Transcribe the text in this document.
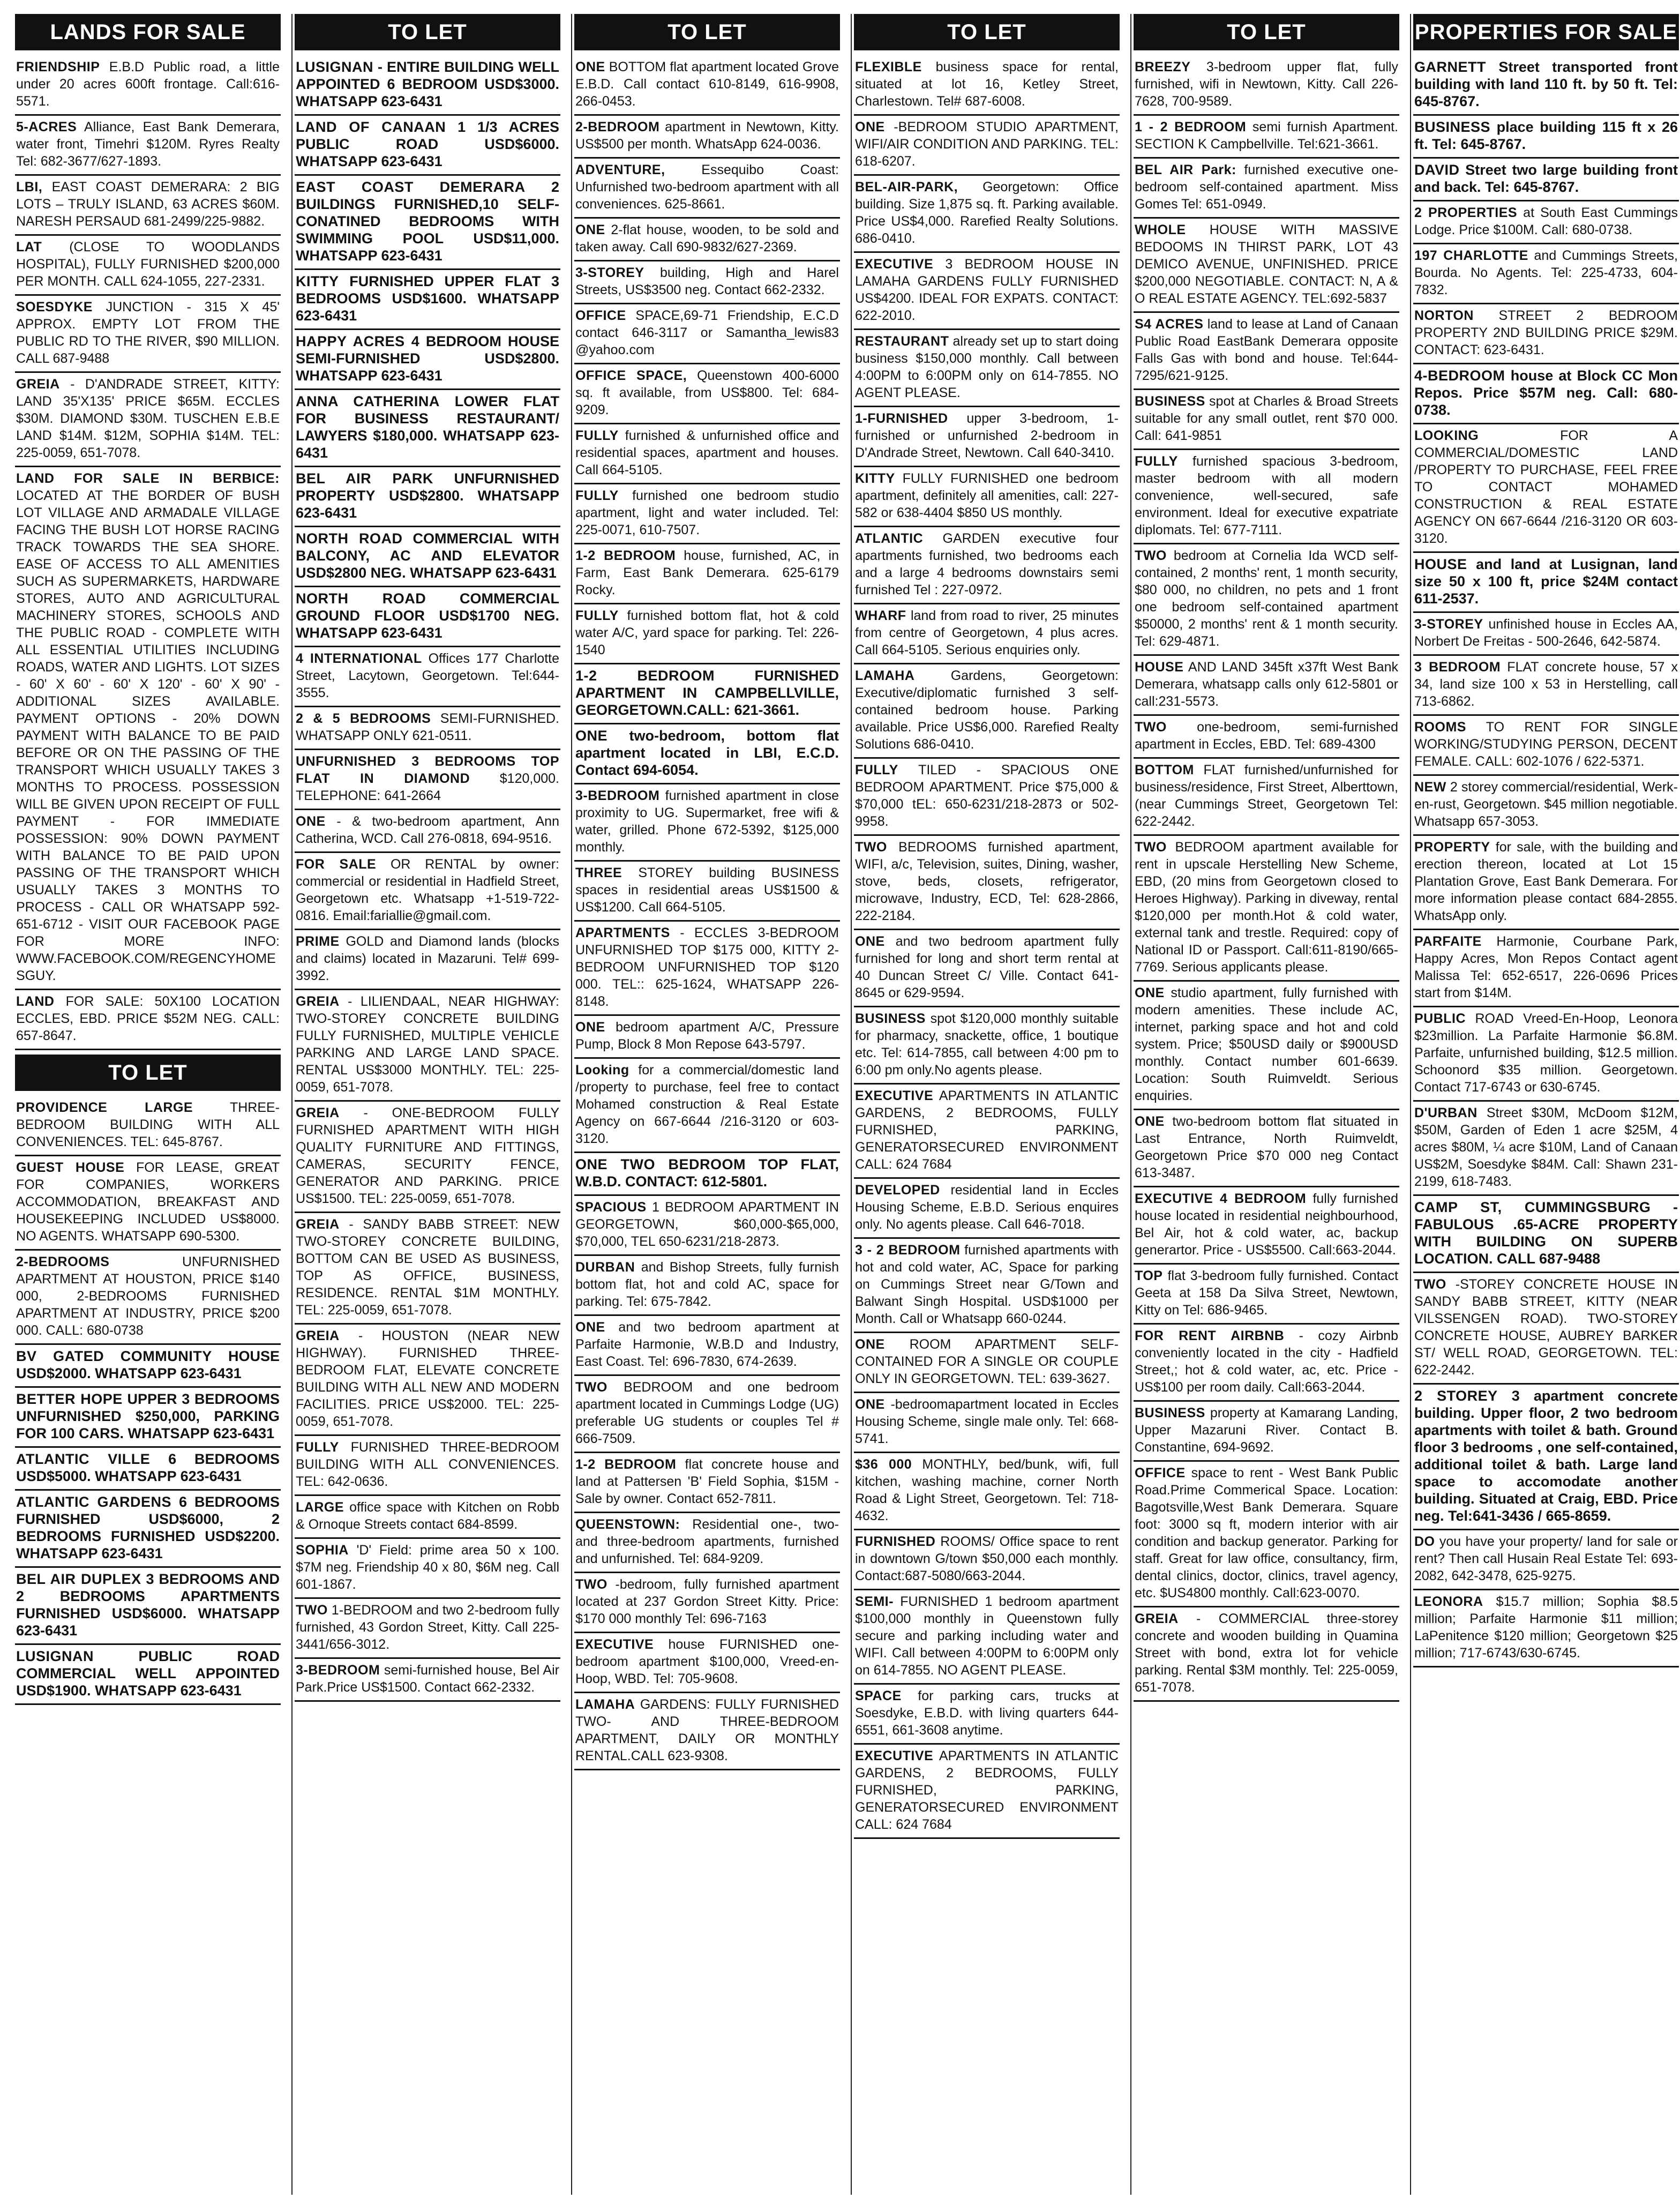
LANDS FOR SALE
FRIENDSHIP E.B.D Public road, a little under 20 acres 600ft frontage. Call:616-5571.
5-ACRES Alliance, East Bank Demerara, water front, Timehri $120M. Ryres Realty Tel: 682-3677/627-1893.
LBI, EAST COAST DEMERARA: 2 BIG LOTS – TRULY ISLAND, 63 ACRES $60M. NARESH PERSAUD 681-2499/225-9882.
LAT (CLOSE TO WOODLANDS HOSPITAL), FULLY FURNISHED $200,000 PER MONTH. CALL 624-1055, 227-2331.
SOESDYKE JUNCTION - 315 X 45' APPROX. EMPTY LOT FROM THE PUBLIC RD TO THE RIVER, $90 MILLION. CALL 687-9488
GREIA - D'ANDRADE STREET, KITTY: LAND 35'X135' PRICE $65M. ECCLES $30M. DIAMOND $30M. TUSCHEN E.B.E LAND $14M. $12M, SOPHIA $14M. TEL: 225-0059, 651-7078.
LAND FOR SALE IN BERBICE: LOCATED AT THE BORDER OF BUSH LOT VILLAGE AND ARMADALE VILLAGE FACING THE BUSH LOT HORSE RACING TRACK TOWARDS THE SEA SHORE. EASE OF ACCESS TO ALL AMENITIES SUCH AS SUPERMARKETS, HARDWARE STORES, AUTO AND AGRICULTURAL MACHINERY STORES, SCHOOLS AND THE PUBLIC ROAD - COMPLETE WITH ALL ESSENTIAL UTILITIES INCLUDING ROADS, WATER AND LIGHTS. LOT SIZES - 60' X 60' - 60' X 120' - 60' X 90' - ADDITIONAL SIZES AVAILABLE. PAYMENT OPTIONS - 20% DOWN PAYMENT WITH BALANCE TO BE PAID BEFORE OR ON THE PASSING OF THE TRANSPORT WHICH USUALLY TAKES 3 MONTHS TO PROCESS. POSSESSION WILL BE GIVEN UPON RECEIPT OF FULL PAYMENT - FOR IMMEDIATE POSSESSION: 90% DOWN PAYMENT WITH BALANCE TO BE PAID UPON PASSING OF THE TRANSPORT WHICH USUALLY TAKES 3 MONTHS TO PROCESS - CALL OR WHATSAPP 592-651-6712 - VISIT OUR FACEBOOK PAGE FOR MORE INFO: WWW.FACEBOOK.COM/REGENCYHOMESGUY.
LAND FOR SALE: 50X100 LOCATION ECCLES, EBD. PRICE $52M NEG. CALL: 657-8647.
TO LET
PROVIDENCE LARGE	THREE-BEDROOM BUILDING WITH ALL CONVENIENCES. TEL: 645-8767.
GUEST HOUSE FOR LEASE, GREAT FOR COMPANIES, WORKERS ACCOMMODATION, BREAKFAST AND HOUSEKEEPING INCLUDED US$8000. NO AGENTS. WHATSAPP 690-5300.
2-BEDROOMS	UNFURNISHED APARTMENT AT HOUSTON, PRICE $140 000, 2-BEDROOMS FURNISHED APARTMENT AT INDUSTRY, PRICE $200 000. CALL: 680-0738
BV GATED COMMUNITY HOUSE USD$2000. WHATSAPP 623-6431
BETTER HOPE UPPER 3 BEDROOMS UNFURNISHED $250,000, PARKING FOR 100 CARS. WHATSAPP 623-6431
ATLANTIC VILLE 6 BEDROOMS USD$5000. WHATSAPP 623-6431
ATLANTIC GARDENS 6 BEDROOMS FURNISHED USD$6000, 2 BEDROOMS FURNISHED USD$2200. WHATSAPP 623-6431
BEL AIR DUPLEX 3 BEDROOMS AND 2 BEDROOMS APARTMENTS FURNISHED USD$6000. WHATSAPP 623-6431
LUSIGNAN	PUBLIC ROAD COMMERCIAL WELL APPOINTED USD$1900. WHATSAPP 623-6431
TO LET
LUSIGNAN - ENTIRE BUILDING WELL APPOINTED 6 BEDROOM USD$3000. WHATSAPP 623-6431
LAND OF CANAAN 1 1/3 ACRES PUBLIC ROAD USD$6000. WHATSAPP 623-6431
EAST COAST DEMERARA 2 BUILDINGS FURNISHED,10 SELF-CONATINED BEDROOMS WITH SWIMMING POOL USD$11,000. WHATSAPP 623-6431
KITTY FURNISHED UPPER FLAT 3 BEDROOMS USD$1600. WHATSAPP 623-6431
HAPPY ACRES 4 BEDROOM HOUSE SEMI-FURNISHED USD$2800. WHATSAPP 623-6431
ANNA CATHERINA LOWER FLAT FOR BUSINESS RESTAURANT/ LAWYERS $180,000. WHATSAPP 623-6431
BEL AIR PARK UNFURNISHED PROPERTY USD$2800. WHATSAPP 623-6431
NORTH ROAD COMMERCIAL WITH BALCONY, AC AND ELEVATOR USD$2800 NEG. WHATSAPP 623-6431
NORTH ROAD COMMERCIAL GROUND FLOOR USD$1700 NEG. WHATSAPP 623-6431
4 INTERNATIONAL Offices 177 Charlotte Street, Lacytown, Georgetown. Tel:644-3555.
2 & 5 BEDROOMS SEMI-FURNISHED. WHATSAPP ONLY 621-0511.
UNFURNISHED 3 BEDROOMS TOP FLAT IN DIAMOND $120,000. TELEPHONE: 641-2664
ONE - & two-bedroom apartment, Ann Catherina, WCD. Call 276-0818, 694-9516.
FOR SALE OR RENTAL by owner: commercial or residential in Hadfield Street, Georgetown etc. Whatsapp +1-519-722-0816. Email:fariallie@gmail.com.
PRIME GOLD and Diamond lands (blocks and claims) located in Mazaruni. Tel# 699-3992.
GREIA - LILIENDAAL, NEAR HIGHWAY: TWO-STOREY CONCRETE BUILDING FULLY FURNISHED, MULTIPLE VEHICLE PARKING AND LARGE LAND SPACE. RENTAL US$3000 MONTHLY. TEL: 225-0059, 651-7078.
GREIA - ONE-BEDROOM FULLY FURNISHED APARTMENT WITH HIGH QUALITY FURNITURE AND FITTINGS, CAMERAS, SECURITY FENCE, GENERATOR AND PARKING. PRICE US$1500. TEL: 225-0059, 651-7078.
GREIA - SANDY BABB STREET: NEW TWO-STOREY CONCRETE BUILDING, BOTTOM CAN BE USED AS BUSINESS, TOP AS OFFICE, BUSINESS, RESIDENCE. RENTAL $1M MONTHLY. TEL: 225-0059, 651-7078.
GREIA - HOUSTON (NEAR NEW HIGHWAY). FURNISHED THREE-BEDROOM FLAT, ELEVATE CONCRETE BUILDING WITH ALL NEW AND MODERN FACILITIES. PRICE US$2000. TEL: 225-0059, 651-7078.
FULLY FURNISHED THREE-BEDROOM BUILDING WITH ALL CONVENIENCES. TEL: 642-0636.
LARGE office space with Kitchen on Robb & Ornoque Streets contact 684-8599.
SOPHIA 'D' Field: prime area 50 x 100. $7M neg. Friendship 40 x 80, $6M neg. Call 601-1867.
TWO 1-BEDROOM and two 2-bedroom fully furnished, 43 Gordon Street, Kitty. Call 225- 3441/656-3012.
3-BEDROOM semi-furnished house, Bel Air Park.Price US$1500. Contact 662-2332.
TO LET
ONE BOTTOM flat apartment located Grove E.B.D. Call contact 610-8149, 616-9908, 266-0453.
2-BEDROOM apartment in Newtown, Kitty. US$500 per month. WhatsApp 624-0036.
ADVENTURE,	Essequibo Coast: Unfurnished two-bedroom apartment with all conveniences. 625-8661.
ONE 2-flat house, wooden, to be sold and taken away. Call 690-9832/627-2369.
3-STOREY building, High and Harel Streets, US$3500 neg. Contact 662-2332.
OFFICE SPACE,69-71 Friendship, E.C.D contact 646-3117 or Samantha_lewis83 @yahoo.com
OFFICE SPACE, Queenstown 400-6000 sq. ft available, from US$800. Tel: 684-9209.
FULLY furnished & unfurnished office and residential spaces, apartment and houses. Call 664-5105.
FULLY furnished one bedroom studio apartment, light and water included. Tel: 225-0071, 610-7507.
1-2 BEDROOM house, furnished, AC, in Farm, East Bank Demerara. 625-6179 Rocky.
FULLY furnished bottom flat, hot & cold water A/C, yard space for parking. Tel: 226-1540
1-2 BEDROOM	FURNISHED APARTMENT IN CAMPBELLVILLE, GEORGETOWN.CALL: 621-3661.
ONE two-bedroom, bottom flat apartment located in LBI, E.C.D. Contact 694-6054.
3-BEDROOM furnished apartment in close proximity to UG. Supermarket, free wifi & water, grilled. Phone 672-5392, $125,000 monthly.
THREE STOREY building BUSINESS spaces in residential areas US$1500 & US$1200. Call 664-5105.
APARTMENTS - ECCLES 3-BEDROOM UNFURNISHED TOP $175 000, KITTY 2-BEDROOM UNFURNISHED TOP $120 000. TEL:: 625-1624, WHATSAPP 226-8148.
ONE bedroom apartment A/C, Pressure Pump, Block 8 Mon Repose 643-5797.
Looking for a commercial/domestic land /property to purchase, feel free to contact Mohamed construction & Real Estate Agency on 667-6644 /216-3120 or 603-3120.
ONE TWO BEDROOM TOP FLAT, W.B.D. CONTACT: 612-5801.
SPACIOUS 1 BEDROOM APARTMENT IN GEORGETOWN, $60,000-$65,000, $70,000, TEL 650-6231/218-2873.
DURBAN and Bishop Streets, fully furnish bottom flat, hot and cold AC, space for parking. Tel: 675-7842.
ONE and two bedroom apartment at Parfaite Harmonie, W.B.D and Industry, East Coast. Tel: 696-7830, 674-2639.
TWO BEDROOM and one bedroom apartment located in Cummings Lodge (UG) preferable UG students or couples Tel # 666-7509.
1-2 BEDROOM flat concrete house and land at Pattersen 'B' Field Sophia, $15M - Sale by owner. Contact 652-7811.
QUEENSTOWN: Residential one-, two- and three-bedroom apartments, furnished and unfurnished. Tel: 684-9209.
TWO -bedroom, fully furnished apartment located at 237 Gordon Street Kitty. Price: $170 000 monthly Tel: 696-7163
EXECUTIVE house FURNISHED one-bedroom apartment $100,000, Vreed-en-Hoop, WBD. Tel: 705-9608.
LAMAHA GARDENS: FULLY FURNISHED TWO- AND THREE-BEDROOM APARTMENT, DAILY OR MONTHLY RENTAL.CALL 623-9308.
TO LET
FLEXIBLE business space for rental, situated at lot 16, Ketley Street, Charlestown. Tel# 687-6008.
ONE -BEDROOM STUDIO APARTMENT, WIFI/AIR CONDITION AND PARKING. TEL: 618-6207.
BEL-AIR-PARK, Georgetown: Office building. Size 1,875 sq. ft. Parking available. Price US$4,000. Rarefied Realty Solutions. 686-0410.
EXECUTIVE 3 BEDROOM HOUSE IN LAMAHA GARDENS FULLY FURNISHED US$4200. IDEAL FOR EXPATS. CONTACT: 622-2010.
RESTAURANT already set up to start doing business $150,000 monthly. Call between 4:00PM to 6:00PM only on 614-7855. NO AGENT PLEASE.
1-FURNISHED upper 3-bedroom, 1-furnished or unfurnished 2-bedroom in D'Andrade Street, Newtown. Call 640-3410.
KITTY FULLY FURNISHED one bedroom apartment, definitely all amenities, call: 227-582 or 638-4404 $850 US monthly.
ATLANTIC GARDEN executive four apartments furnished, two bedrooms each and a large 4 bedrooms downstairs semi furnished Tel : 227-0972.
WHARF land from road to river, 25 minutes from centre of Georgetown, 4 plus acres. Call 664-5105. Serious enquiries only.
LAMAHA	Gardens, Georgetown: Executive/diplomatic furnished 3 self-contained bedroom house. Parking available. Price US$6,000. Rarefied Realty Solutions 686-0410.
FULLY TILED - SPACIOUS ONE BEDROOM APARTMENT. Price $75,000 & $70,000 tEL: 650-6231/218-2873 or 502-9958.
TWO BEDROOMS furnished apartment, WIFI, a/c, Television, suites, Dining, washer, stove, beds, closets, refrigerator, microwave, Industry, ECD, Tel: 628-2866, 222-2184.
ONE and two bedroom apartment fully furnished for long and short term rental at 40 Duncan Street C/ Ville. Contact 641-8645 or 629-9594.
BUSINESS spot $120,000 monthly suitable for pharmacy, snackette, office, 1 boutique etc. Tel: 614-7855, call between 4:00 pm to 6:00 pm only.No agents please.
EXECUTIVE APARTMENTS IN ATLANTIC GARDENS, 2 BEDROOMS, FULLY FURNISHED, PARKING, GENERATORSECURED ENVIRONMENT CALL: 624 7684
DEVELOPED residential land in Eccles Housing Scheme, E.B.D. Serious enquires only. No agents please. Call 646-7018.
3 - 2 BEDROOM furnished apartments with hot and cold water, AC, Space for parking on Cummings Street near G/Town and Balwant Singh Hospital. USD$1000 per Month. Call or Whatsapp 660-0244.
ONE ROOM APARTMENT SELF-CONTAINED FOR A SINGLE OR COUPLE ONLY IN GEORGETOWN. TEL: 639-3627.
ONE -bedroomapartment located in Eccles Housing Scheme, single male only. Tel: 668-5741.
$36 000 MONTHLY, bed/bunk, wifi, full kitchen, washing machine, corner North Road & Light Street, Georgetown. Tel: 718-4632.
FURNISHED ROOMS/ Office space to rent in downtown G/town $50,000 each monthly. Contact:687-5080/663-2044.
SEMI- FURNISHED 1 bedroom apartment $100,000 monthly in Queenstown fully secure and parking including water and WIFI. Call between 4:00PM to 6:00PM only on 614-7855. NO AGENT PLEASE.
SPACE for parking cars, trucks at Soesdyke, E.B.D. with living quarters 644-6551, 661-3608 anytime.
EXECUTIVE APARTMENTS IN ATLANTIC GARDENS, 2 BEDROOMS, FULLY FURNISHED, PARKING, GENERATORSECURED ENVIRONMENT CALL: 624 7684
TO LET
BREEZY 3-bedroom upper flat, fully furnished, wifi in Newtown, Kitty. Call 226-7628, 700-9589.
1 - 2 BEDROOM semi furnish Apartment. SECTION K Campbellville. Tel:621-3661.
BEL AIR Park: furnished executive one-bedroom self-contained apartment. Miss Gomes Tel: 651-0949.
WHOLE HOUSE WITH MASSIVE BEDOOMS IN THIRST PARK, LOT 43 DEMICO AVENUE, UNFINISHED. PRICE $200,000 NEGOTIABLE. CONTACT: N, A & O REAL ESTATE AGENCY. TEL:692-5837
S4 ACRES land to lease at Land of Canaan Public Road EastBank Demerara opposite Falls Gas with bond and house. Tel:644-7295/621-9125.
BUSINESS spot at Charles & Broad Streets suitable for any small outlet, rent $70 000. Call: 641-9851
FULLY furnished spacious 3-bedroom, master bedroom with all modern convenience, well-secured, safe environment. Ideal for executive expatriate diplomats. Tel: 677-7111.
TWO bedroom at Cornelia Ida WCD self-contained, 2 months' rent, 1 month security, $80 000, no children, no pets and 1 front one bedroom self-contained apartment $50000, 2 months' rent & 1 month security. Tel: 629-4871.
HOUSE AND LAND 345ft x37ft West Bank Demerara, whatsapp calls only 612-5801 or call:231-5573.
TWO one-bedroom, semi-furnished apartment in Eccles, EBD. Tel: 689-4300
BOTTOM FLAT furnished/unfurnished for business/residence, First Street, Alberttown, (near Cummings Street, Georgetown Tel: 622-2442.
TWO BEDROOM apartment available for rent in upscale Herstelling New Scheme, EBD, (20 mins from Georgetown closed to Heroes Highway). Parking in diveway, rental $120,000 per month.Hot & cold water, external tank and trestle. Required: copy of National ID or Passport. Call:611-8190/665-7769. Serious applicants please.
ONE studio apartment, fully furnished with modern amenities. These include AC, internet, parking space and hot and cold system. Price; $50USD daily or $900USD monthly. Contact number 601-6639. Location: South Ruimveldt. Serious enquiries.
ONE two-bedroom bottom flat situated in Last Entrance, North Ruimveldt, Georgetown Price $70 000 neg Contact 613-3487.
EXECUTIVE 4 BEDROOM fully furnished house located in residential neighbourhood, Bel Air, hot & cold water, ac, backup generartor. Price - US$5500. Call:663-2044.
TOP flat 3-bedroom fully furnished. Contact Geeta at 158 Da Silva Street, Newtown, Kitty on Tel: 686-9465.
FOR RENT AIRBNB - cozy Airbnb conveniently located in the city - Hadfield Street,; hot & cold water, ac, etc. Price - US$100 per room daily. Call:663-2044.
BUSINESS property at Kamarang Landing, Upper Mazaruni River. Contact B. Constantine, 694-9692.
OFFICE space to rent - West Bank Public Road.Prime Commerical Space. Location: Bagotsville,West Bank Demerara. Square foot: 3000 sq ft, modern interior with air condition and backup generator. Parking for staff. Great for law office, consultancy, firm, dental clinics, doctor, clinics, travel agency, etc. $US4800 monthly. Call:623-0070.
GREIA - COMMERCIAL three-storey concrete and wooden building in Quamina Street with bond, extra lot for vehicle parking. Rental $3M monthly. Tel: 225-0059, 651-7078.
PROPERTIES FOR SALE
GARNETT Street transported front building with land 110 ft. by 50 ft. Tel: 645-8767.
BUSINESS place building 115 ft x 26 ft. Tel: 645-8767.
DAVID Street two large building front and back. Tel: 645-8767.
2 PROPERTIES at South East Cummings Lodge. Price $100M. Call: 680-0738.
197 CHARLOTTE and Cummings Streets, Bourda. No Agents. Tel: 225-4733, 604-7832.
NORTON STREET 2 BEDROOM PROPERTY 2ND BUILDING PRICE $29M. CONTACT: 623-6431.
4-BEDROOM house at Block CC Mon Repos. Price $57M neg. Call: 680-0738.
LOOKING	FOR A COMMERCIAL/DOMESTIC LAND /PROPERTY TO PURCHASE, FEEL FREE TO CONTACT MOHAMED CONSTRUCTION & REAL ESTATE AGENCY ON 667-6644 /216-3120 OR 603-3120.
HOUSE and land at Lusignan, land size 50 x 100 ft, price $24M contact 611-2537.
3-STOREY unfinished house in Eccles AA, Norbert De Freitas - 500-2646, 642-5874.
3 BEDROOM FLAT concrete house, 57 x 34, land size 100 x 53 in Herstelling, call 713-6862.
ROOMS TO RENT FOR SINGLE WORKING/STUDYING PERSON, DECENT FEMALE. CALL: 602-1076 / 622-5371.
NEW 2 storey commercial/residential, Werk-en-rust, Georgetown. $45 million negotiable. Whatsapp 657-3053.
PROPERTY for sale, with the building and erection thereon, located at Lot 15 Plantation Grove, East Bank Demerara. For more information please contact 684-2855. WhatsApp only.
PARFAITE Harmonie, Courbane Park, Happy Acres, Mon Repos Contact agent Malissa Tel: 652-6517, 226-0696 Prices start from $14M.
PUBLIC ROAD Vreed-En-Hoop, Leonora $23million. La Parfaite Harmonie $6.8M. Parfaite, unfurnished building, $12.5 million. Schoonord $35 million. Georgetown. Contact 717-6743 or 630-6745.
D'URBAN Street $30M, McDoom $12M, $50M, Garden of Eden 1 acre $25M, 4 acres $80M, ¼ acre $10M, Land of Canaan US$2M, Soesdyke $84M. Call: Shawn 231-2199, 618-7483.
CAMP ST, CUMMINGSBURG - FABULOUS .65-ACRE PROPERTY WITH BUILDING ON SUPERB LOCATION. CALL 687-9488
TWO -STOREY CONCRETE HOUSE IN SANDY BABB STREET, KITTY (NEAR VILSSENGEN ROAD). TWO-STOREY CONCRETE HOUSE, AUBREY BARKER ST/ WELL ROAD, GEORGETOWN. TEL: 622-2442.
2 STOREY 3 apartment concrete building. Upper floor, 2 two bedroom apartments with toilet & bath. Ground floor 3 bedrooms , one self-contained, additional toilet & bath. Large land space to accomodate another building. Situated at Craig, EBD. Price neg. Tel:641-3436 / 665-8659.
DO you have your property/ land for sale or rent? Then call Husain Real Estate Tel: 693-2082, 642-3478, 625-9275.
LEONORA $15.7 million; Sophia $8.5 million; Parfaite Harmonie $11 million; LaPenitence $120 million; Georgetown $25 million; 717-6743/630-6745.
